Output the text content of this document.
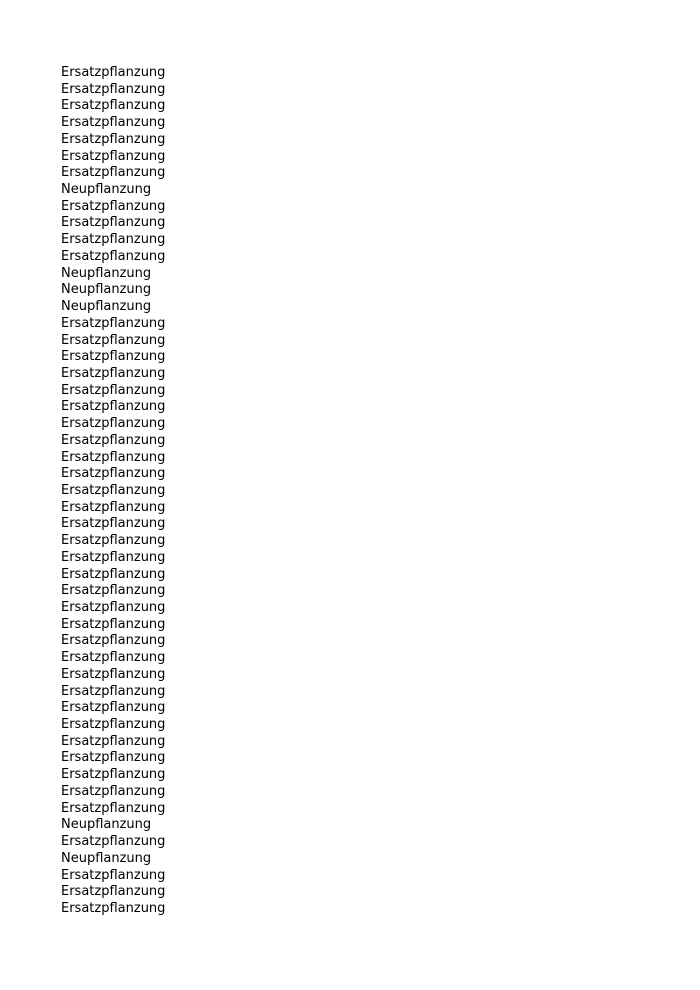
Ersatzpflanzung
Ersatzpflanzung
Ersatzpflanzung
Ersatzpflanzung
Ersatzpflanzung
Ersatzpflanzung
Ersatzpflanzung
Neupflanzung
Ersatzpflanzung
Ersatzpflanzung
Ersatzpflanzung
Ersatzpflanzung
Neupflanzung
Neupflanzung
Neupflanzung
Ersatzpflanzung
Ersatzpflanzung
Ersatzpflanzung
Ersatzpflanzung
Ersatzpflanzung
Ersatzpflanzung
Ersatzpflanzung
Ersatzpflanzung
Ersatzpflanzung
Ersatzpflanzung
Ersatzpflanzung
Ersatzpflanzung
Ersatzpflanzung
Ersatzpflanzung
Ersatzpflanzung
Ersatzpflanzung
Ersatzpflanzung
Ersatzpflanzung
Ersatzpflanzung
Ersatzpflanzung
Ersatzpflanzung
Ersatzpflanzung
Ersatzpflanzung
Ersatzpflanzung
Ersatzpflanzung
Ersatzpflanzung
Ersatzpflanzung
Ersatzpflanzung
Ersatzpflanzung
Ersatzpflanzung
Neupflanzung
Ersatzpflanzung
Neupflanzung
Ersatzpflanzung
Ersatzpflanzung
Ersatzpflanzung
